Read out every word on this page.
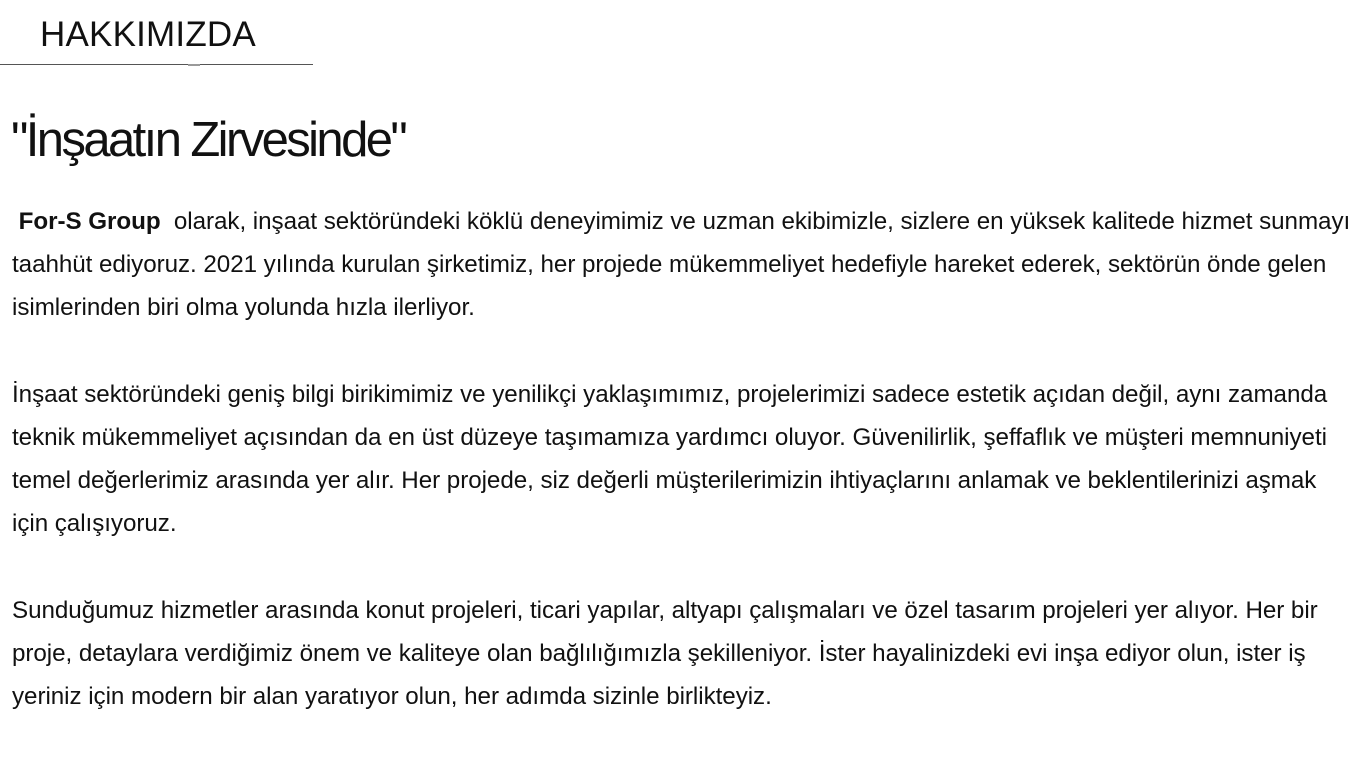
HAKKIMIZDA
"İnşaatın Zirvesinde"

For-S Group olarak, inşaat sektöründeki köklü deneyimimiz ve uzman ekibimizle, sizlere en yüksek kalitede hizmet sunmayı taahhüt ediyoruz. 2021 yılında kurulan şirketimiz, her projede mükemmeliyet hedefiyle hareket ederek, sektörün önde gelen isimlerinden biri olma yolunda hızla ilerliyor.

İnşaat sektöründeki geniş bilgi birikimimiz ve yenilikçi yaklaşımımız, projelerimizi sadece estetik açıdan değil, aynı zamanda teknik mükemmeliyet açısından da en üst düzeye taşımamıza yardımcı oluyor. Güvenilirlik, şeffaflık ve müşteri memnuniyeti temel değerlerimiz arasında yer alır. Her projede, siz değerli müşterilerimizin ihtiyaçlarını anlamak ve beklentilerinizi aşmak için çalışıyoruz.

Sunduğumuz hizmetler arasında konut projeleri, ticari yapılar, altyapı çalışmaları ve özel tasarım projeleri yer alıyor. Her bir proje, detaylara verdiğimiz önem ve kaliteye olan bağlılığımızla şekilleniyor. İster hayalinizdeki evi inşa ediyor olun, ister iş yeriniz için modern bir alan yaratıyor olun, her adımda sizinle birlikteyiz.
